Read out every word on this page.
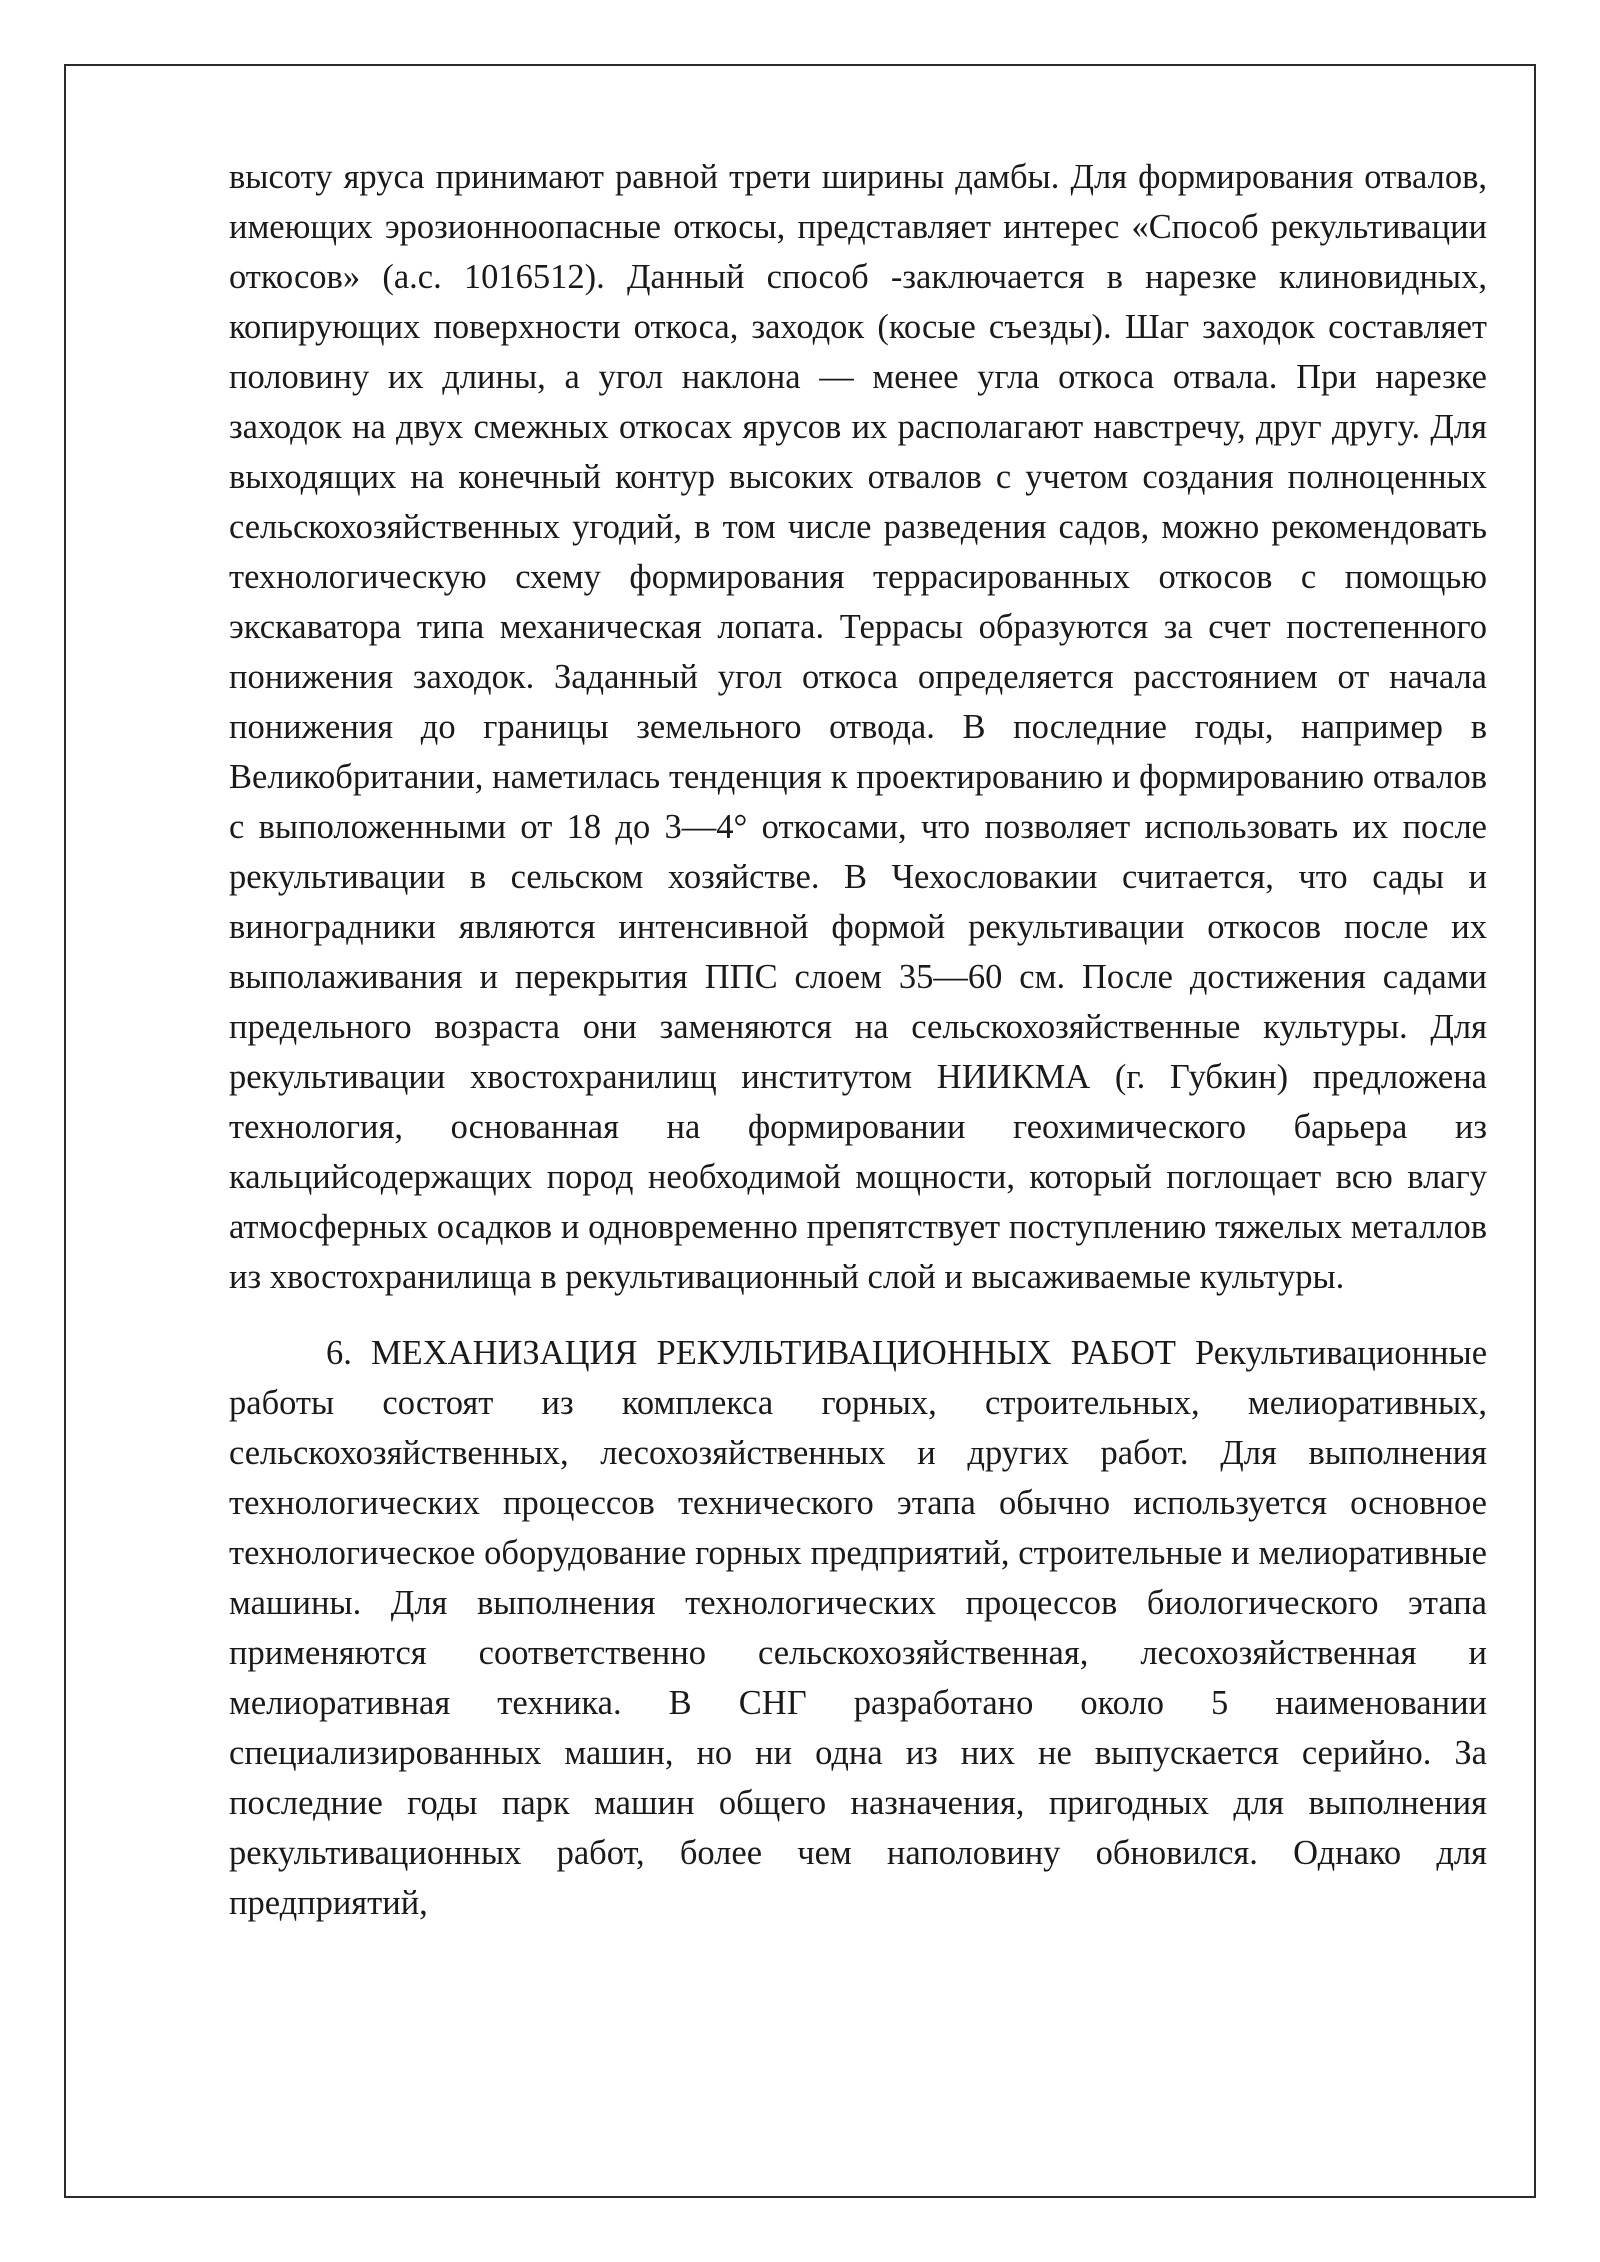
высоту яруса принимают равной трети ширины дамбы. Для формирования отвалов, имеющих эрозионноопасные откосы, представляет интерес «Способ рекультивации откосов» (а.с. 1016512). Данный способ -заключается в нарезке клиновидных, копирующих поверхности откоса, заходок (косые съезды). Шаг заходок составляет половину их длины, а угол наклона — менее угла откоса отвала. При нарезке заходок на двух смежных откосах ярусов их располагают навстречу, друг другу. Для выходящих на конечный контур высоких отвалов с учетом создания полноценных сельскохозяйственных угодий, в том числе разведения садов, можно рекомендовать технологическую схему формирования террасированных откосов с помощью экскаватора типа механическая лопата. Террасы образуются за счет постепенного понижения заходок. Заданный угол откоса определяется расстоянием от начала понижения до границы земельного отвода. В последние годы, например в Великобритании, наметилась тенденция к проектированию и формированию отвалов с выположенными от 18 до 3—4° откосами, что позволяет использовать их после рекультивации в сельском хозяйстве. В Чехословакии считается, что сады и виноградники являются интенсивной формой рекультивации откосов после их выполаживания и перекрытия ППС слоем 35—60 см. После достижения садами предельного возраста они заменяются на сельскохозяйственные культуры. Для рекультивации хвостохранилищ институтом НИИКМА (г. Губкин) предложена технология, основанная на формировании геохимического барьера из кальцийсодержащих пород необходимой мощности, который поглощает всю влагу атмосферных осадков и одновременно препятствует поступлению тяжелых металлов из хвостохранилища в рекультивационный слой и высаживаемые культуры.

6. МЕХАНИЗАЦИЯ РЕКУЛЬТИВАЦИОННЫХ РАБОТ Рекультивационные работы состоят из комплекса горных, строительных, мелиоративных, сельскохозяйственных, лесохозяйственных и других работ. Для выполнения технологических процессов технического этапа обычно используется основное технологическое оборудование горных предприятий, строительные и мелиоративные машины. Для выполнения технологических процессов биологического этапа применяются соответственно сельскохозяйственная, лесохозяйственная и мелиоративная техника. В СНГ разработано около 5 наименовании специализированных машин, но ни одна из них не выпускается серийно. За последние годы парк машин общего назначения, пригодных для выполнения рекультивационных работ, более чем наполовину обновился. Однако для предприятий,
